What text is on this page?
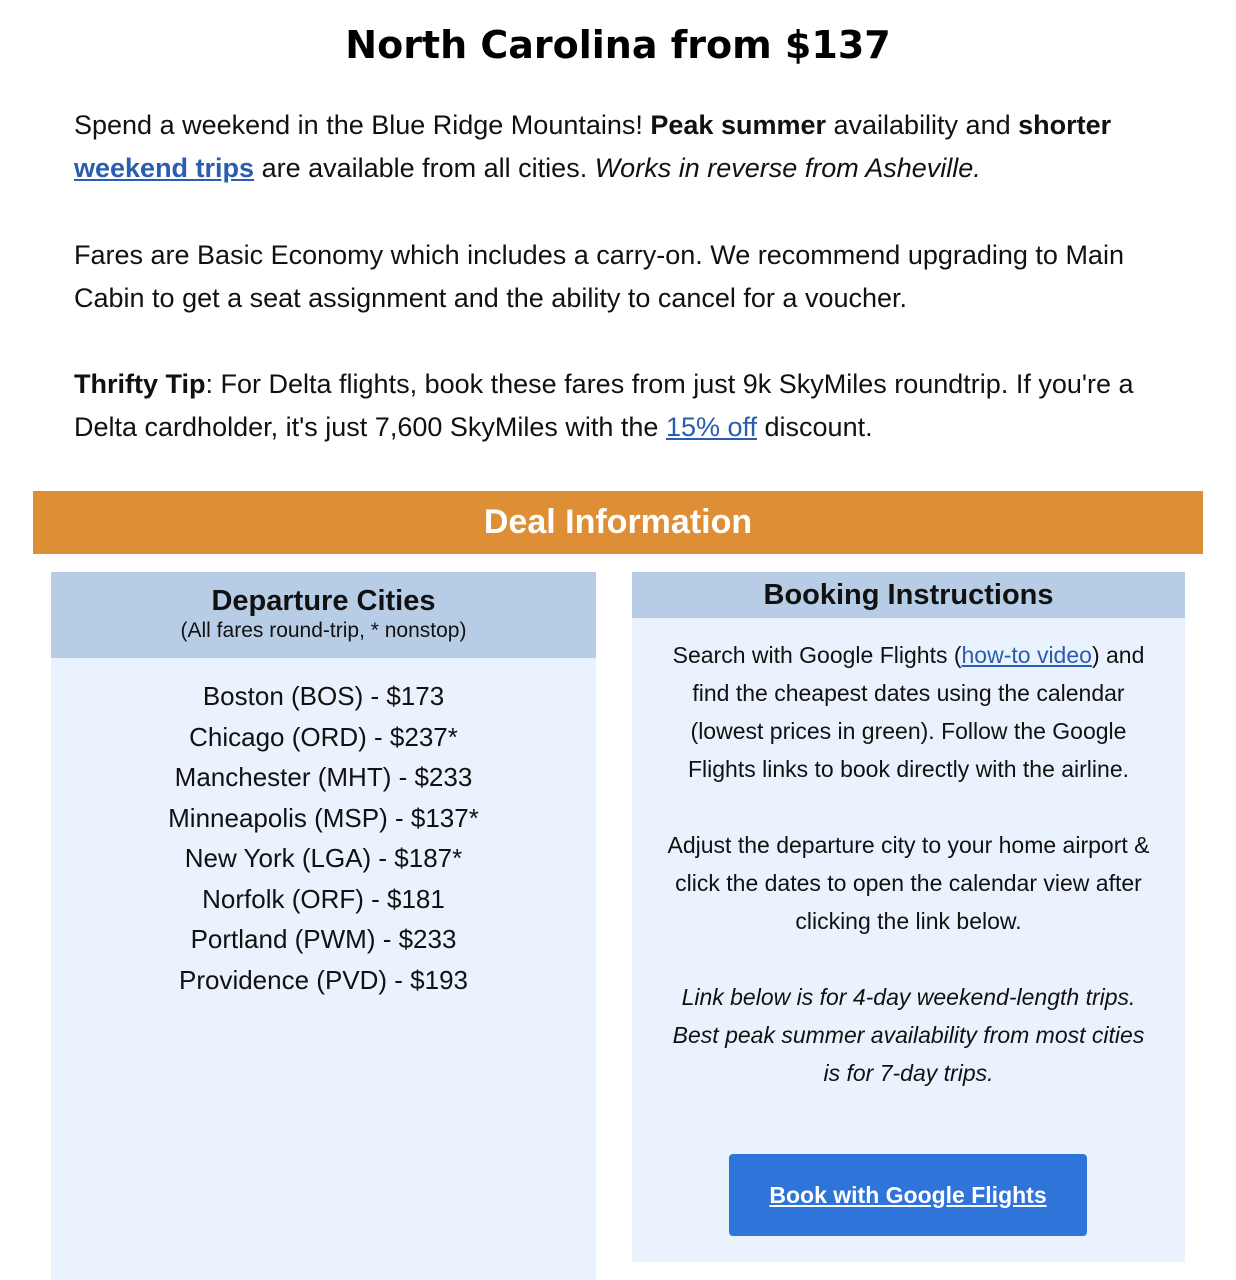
North Carolina from $137

Spend a weekend in the Blue Ridge Mountains! Peak summer availability and shorter weekend trips are available from all cities. Works in reverse from Asheville.

Fares are Basic Economy which includes a carry-on. We recommend upgrading to Main Cabin to get a seat assignment and the ability to cancel for a voucher.

Thrifty Tip: For Delta flights, book these fares from just 9k SkyMiles roundtrip. If you're a Delta cardholder, it's just 7,600 SkyMiles with the 15% off discount.

Deal Information
Departure Cities
(All fares round-trip, * nonstop)
Boston (BOS) - $173
Chicago (ORD) - $237*
Manchester (MHT) - $233
Minneapolis (MSP) - $137*
New York (LGA) - $187*
Norfolk (ORF) - $181
Portland (PWM) - $233
Providence (PVD) - $193
Booking Instructions

Search with Google Flights (how-to video) and find the cheapest dates using the calendar (lowest prices in green). Follow the Google Flights links to book directly with the airline.

Adjust the departure city to your home airport & click the dates to open the calendar view after clicking the link below.

Link below is for 4-day weekend-length trips. Best peak summer availability from most cities is for 7-day trips.

Book with Google Flights
